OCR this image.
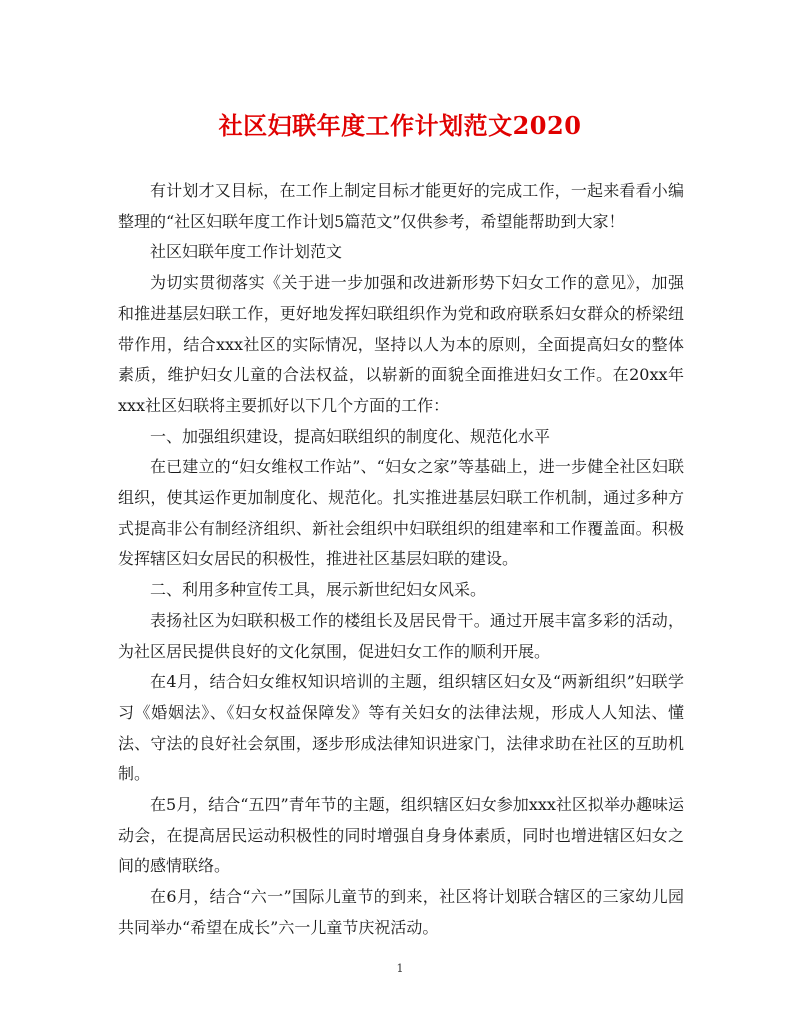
社区妇联年度工作计划范文2020

有计划才又目标，在工作上制定目标才能更好的完成工作，一起来看看小编整理的“社区妇联年度工作计划5篇范文”仅供参考，希望能帮助到大家！

社区妇联年度工作计划范文

为切实贯彻落实《关于进一步加强和改进新形势下妇女工作的意见》，加强和推进基层妇联工作，更好地发挥妇联组织作为党和政府联系妇女群众的桥梁纽带作用，结合xxx社区的实际情况，坚持以人为本的原则，全面提高妇女的整体素质，维护妇女儿童的合法权益，以崭新的面貌全面推进妇女工作。在20xx年xxx社区妇联将主要抓好以下几个方面的工作：

一、加强组织建设，提高妇联组织的制度化、规范化水平

在已建立的“妇女维权工作站”、“妇女之家”等基础上，进一步健全社区妇联组织，使其运作更加制度化、规范化。扎实推进基层妇联工作机制，通过多种方式提高非公有制经济组织、新社会组织中妇联组织的组建率和工作覆盖面。积极发挥辖区妇女居民的积极性，推进社区基层妇联的建设。

二、利用多种宣传工具，展示新世纪妇女风采。

表扬社区为妇联积极工作的楼组长及居民骨干。通过开展丰富多彩的活动，为社区居民提供良好的文化氛围，促进妇女工作的顺利开展。

在4月，结合妇女维权知识培训的主题，组织辖区妇女及“两新组织”妇联学习《婚姻法》、《妇女权益保障发》等有关妇女的法律法规，形成人人知法、懂法、守法的良好社会氛围，逐步形成法律知识进家门，法律求助在社区的互助机制。

在5月，结合“五四”青年节的主题，组织辖区妇女参加xxx社区拟举办趣味运动会，在提高居民运动积极性的同时增强自身身体素质，同时也增进辖区妇女之间的感情联络。

在6月，结合“六一”国际儿童节的到来，社区将计划联合辖区的三家幼儿园共同举办“希望在成长”六一儿童节庆祝活动。

1
